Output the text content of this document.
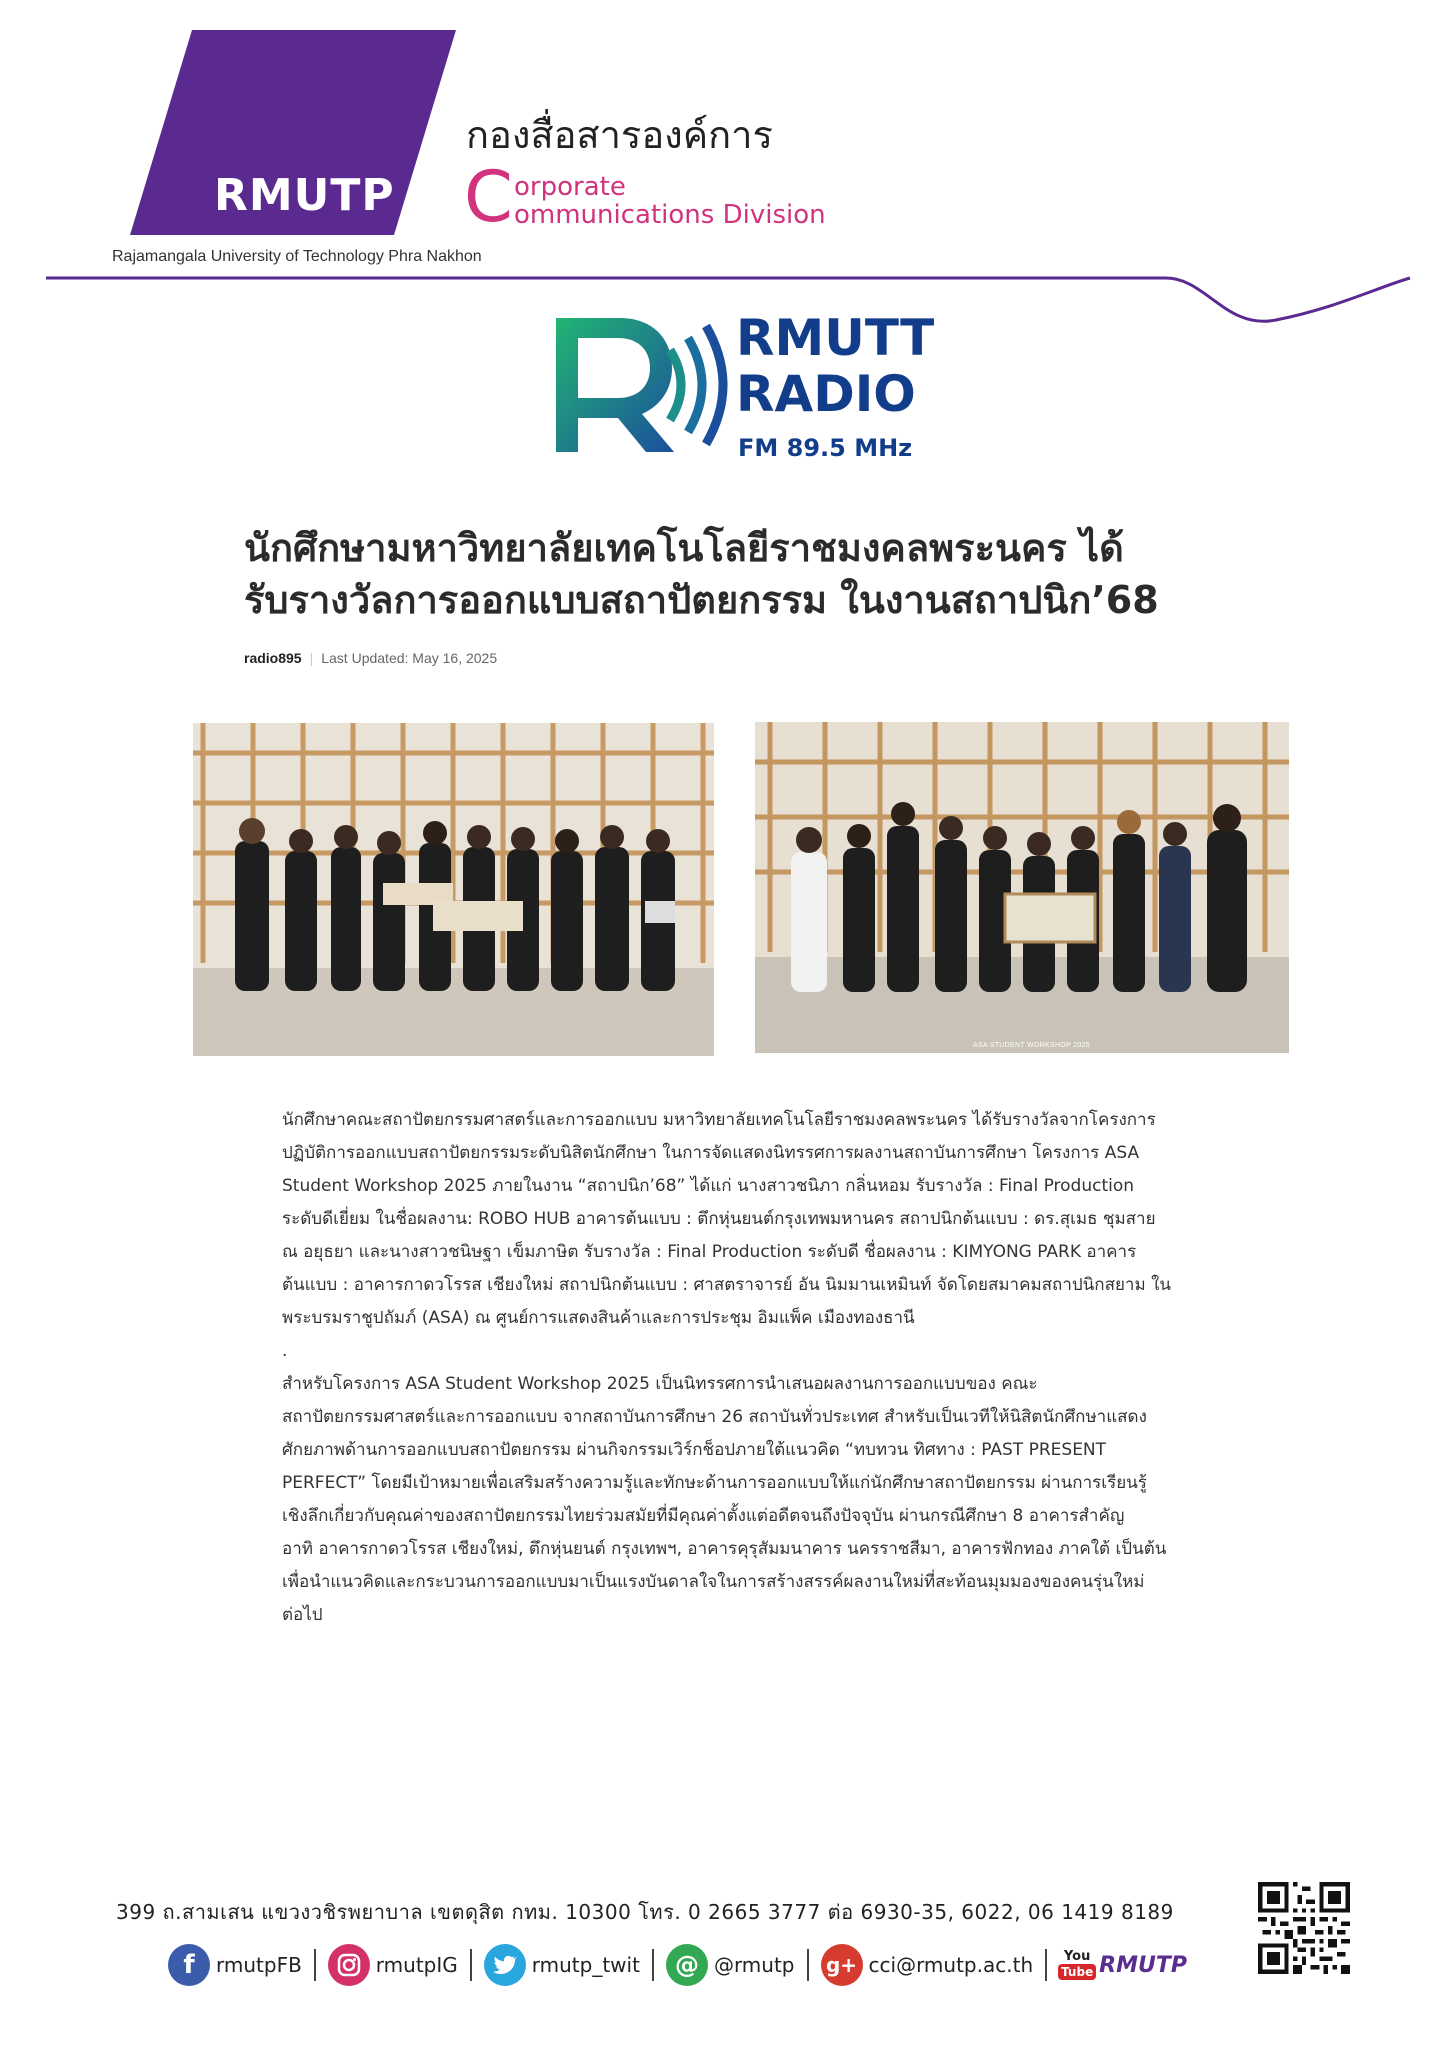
RMUTP
Rajamangala University of Technology Phra Nakhon
กองสื่อสารองค์การ
C orporate
ommunications Division
RMUTT
RADIO
FM 89.5 MHz
นักศึกษามหาวิทยาลัยเทคโนโลยีราชมงคลพระนคร ได้
รับรางวัลการออกแบบสถาปัตยกรรม ในงานสถาปนิก’68
radio895 | Last Updated: May 16, 2025
ASA STUDENT WORKSHOP 2025

นักศึกษาคณะสถาปัตยกรรมศาสตร์และการออกแบบ มหาวิทยาลัยเทคโนโลยีราชมงคลพระนคร ได้รับรางวัลจากโครงการ

ปฏิบัติการออกแบบสถาปัตยกรรมระดับนิสิตนักศึกษา ในการจัดแสดงนิทรรศการผลงานสถาบันการศึกษา โครงการ ASA

Student Workshop 2025 ภายในงาน “สถาปนิก’68” ได้แก่ นางสาวชนิภา กลิ่นหอม รับรางวัล : Final Production

ระดับดีเยี่ยม ในชื่อผลงาน: ROBO HUB อาคารต้นแบบ : ตึกหุ่นยนต์กรุงเทพมหานคร สถาปนิกต้นแบบ : ดร.สุเมธ ชุมสาย

ณ อยุธยา และนางสาวชนิษฐา เข็มภาษิต รับรางวัล : Final Production ระดับดี ชื่อผลงาน : KIMYONG PARK อาคาร

ต้นแบบ : อาคารกาดวโรรส เชียงใหม่ สถาปนิกต้นแบบ : ศาสตราจารย์ อัน นิมมานเหมินท์ จัดโดยสมาคมสถาปนิกสยาม ใน

พระบรมราชูปถัมภ์ (ASA) ณ ศูนย์การแสดงสินค้าและการประชุม อิมแพ็ค เมืองทองธานี

.

สำหรับโครงการ ASA Student Workshop 2025 เป็นนิทรรศการนำเสนอผลงานการออกแบบของ คณะ

สถาปัตยกรรมศาสตร์และการออกแบบ จากสถาบันการศึกษา 26 สถาบันทั่วประเทศ สำหรับเป็นเวทีให้นิสิตนักศึกษาแสดง

ศักยภาพด้านการออกแบบสถาปัตยกรรม ผ่านกิจกรรมเวิร์กช็อปภายใต้แนวคิด “ทบทวน ทิศทาง : PAST PRESENT

PERFECT” โดยมีเป้าหมายเพื่อเสริมสร้างความรู้และทักษะด้านการออกแบบให้แก่นักศึกษาสถาปัตยกรรม ผ่านการเรียนรู้

เชิงลึกเกี่ยวกับคุณค่าของสถาปัตยกรรมไทยร่วมสมัยที่มีคุณค่าตั้งแต่อดีตจนถึงปัจจุบัน ผ่านกรณีศึกษา 8 อาคารสำคัญ

อาทิ อาคารกาดวโรรส เชียงใหม่, ตึกหุ่นยนต์ กรุงเทพฯ, อาคารคุรุสัมมนาคาร นครราชสีมา, อาคารฟักทอง ภาคใต้ เป็นต้น

เพื่อนำแนวคิดและกระบวนการออกแบบมาเป็นแรงบันดาลใจในการสร้างสรรค์ผลงานใหม่ที่สะท้อนมุมมองของคนรุ่นใหม่

ต่อไป

399 ถ.สามเสน แขวงวชิรพยาบาล เขตดุสิต กทม. 10300 โทร. 0 2665 3777 ต่อ 6930-35, 6022, 06 1419 8189
f	rmutpFB	rmutpIG	rmutp_twit	@ @rmutp g+ cci@rmutp.ac.th You
Tube RMUTP
